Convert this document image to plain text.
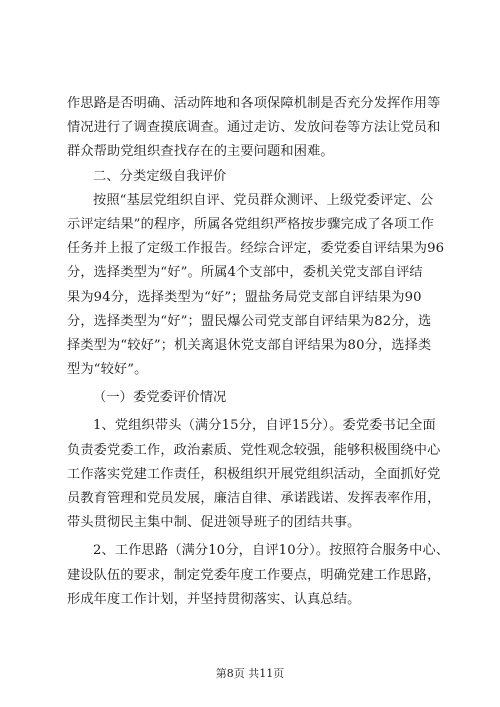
作思路是否明确、活动阵地和各项保障机制是否充分发挥作用等
情况进行了调查摸底调查。通过走访、发放问卷等方法让党员和
群众帮助党组织查找存在的主要问题和困难。
二、分类定级自我评价
按照“基层党组织自评、党员群众测评、上级党委评定、公
示评定结果”的程序，所属各党组织严格按步骤完成了各项工作
任务并上报了定级工作报告。经综合评定，委党委自评结果为96
分，选择类型为“好”。所属4个支部中，委机关党支部自评结
果为94分，选择类型为“好”；盟盐务局党支部自评结果为90
分，选择类型为“好”；盟民爆公司党支部自评结果为82分，选
择类型为“较好”；机关离退休党支部自评结果为80分，选择类
型为“较好”。
（一）委党委评价情况
1、党组织带头（满分15分，自评15分）。委党委书记全面
负责委党委工作，政治素质、党性观念较强，能够积极围绕中心
工作落实党建工作责任，积极组织开展党组织活动，全面抓好党
员教育管理和党员发展，廉洁自律、承诺践诺、发挥表率作用，
带头贯彻民主集中制、促进领导班子的团结共事。
2、工作思路（满分10分，自评10分）。按照符合服务中心、
建设队伍的要求，制定党委年度工作要点，明确党建工作思路，
形成年度工作计划，并坚持贯彻落实、认真总结。
第8页 共11页
